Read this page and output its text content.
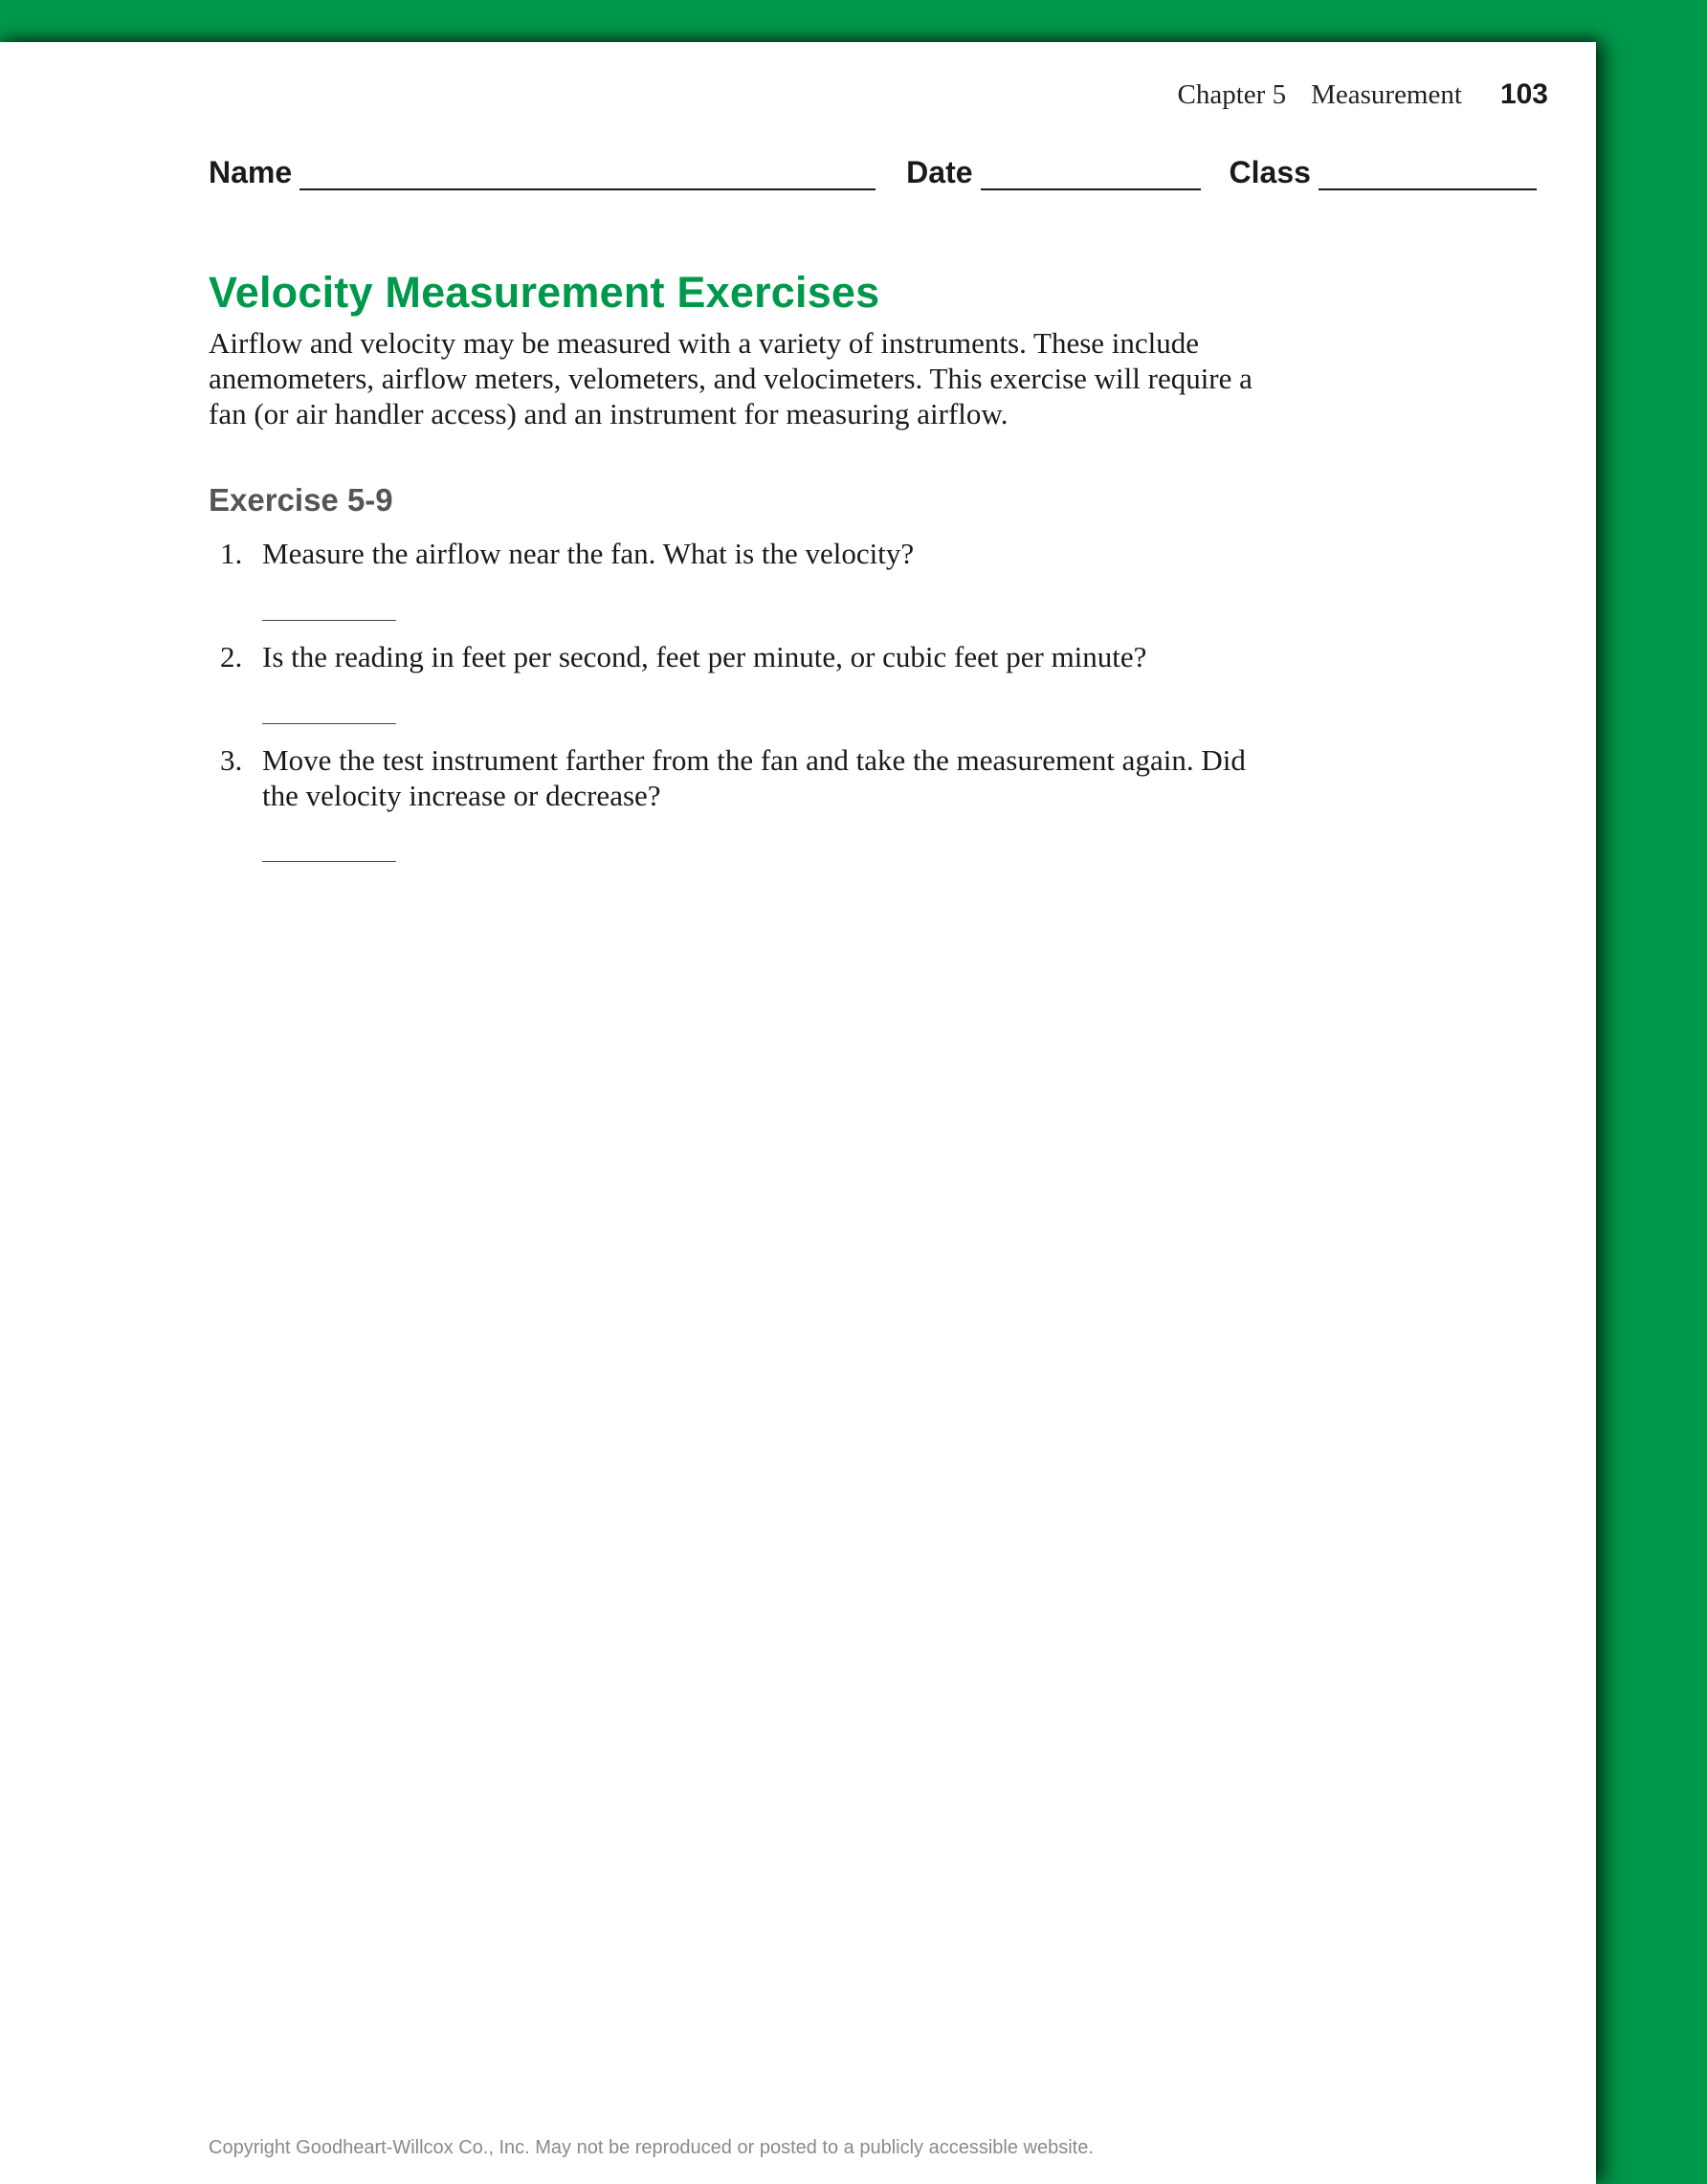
Chapter 5 Measurement 103
Name	Date	Class
Velocity Measurement Exercises

Airflow and velocity may be measured with a variety of instruments. These include anemometers, airflow meters, velometers, and velocimeters. This exercise will require a fan (or air handler access) and an instrument for measuring airflow.

Exercise 5-9
1. Measure the airflow near the fan. What is the velocity?
2. Is the reading in feet per second, feet per minute, or cubic feet per minute?
3. Move the test instrument farther from the fan and take the measurement again. Did the velocity increase or decrease?
Copyright Goodheart-Willcox Co., Inc. May not be reproduced or posted to a publicly accessible website.
